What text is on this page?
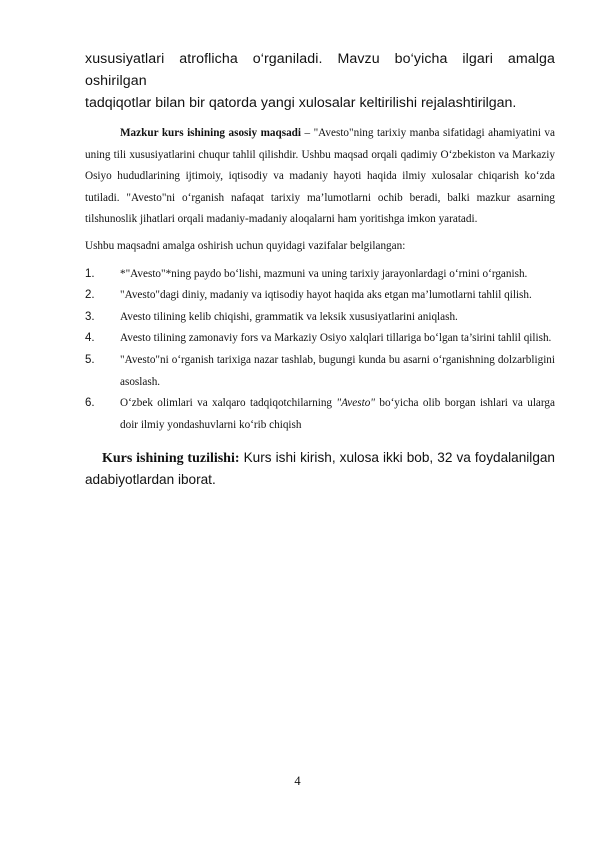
xususiyatlari atroflicha o‘rganiladi. Mavzu bo‘yicha ilgari amalga oshirilgan

tadqiqotlar bilan bir qatorda yangi xulosalar keltirilishi rejalashtirilgan.

Mazkur kurs ishining asosiy maqsadi – "Avesto"ning tarixiy manba sifatidagi ahamiyatini va uning tili xususiyatlarini chuqur tahlil qilishdir. Ushbu maqsad orqali qadimiy O‘zbekiston va Markaziy Osiyo hududlarining ijtimoiy, iqtisodiy va madaniy hayoti haqida ilmiy xulosalar chiqarish ko‘zda tutiladi. "Avesto"ni o‘rganish nafaqat tarixiy ma’lumotlarni ochib beradi, balki mazkur asarning tilshunoslik jihatlari orqali madaniy-madaniy aloqalarni ham yoritishga imkon yaratadi.

Ushbu maqsadni amalga oshirish uchun quyidagi vazifalar belgilangan:

1. *"Avesto"*ning paydo bo‘lishi, mazmuni va uning tarixiy jarayonlardagi o‘rnini o‘rganish.
2. "Avesto"dagi diniy, madaniy va iqtisodiy hayot haqida aks etgan ma’lumotlarni tahlil qilish.
3. Avesto tilining kelib chiqishi, grammatik va leksik xususiyatlarini aniqlash.
4. Avesto tilining zamonaviy fors va Markaziy Osiyo xalqlari tillariga bo‘lgan ta’sirini tahlil qilish.
5. "Avesto"ni o‘rganish tarixiga nazar tashlab, bugungi kunda bu asarni o‘rganishning dolzarbligini asoslash.
6. O‘zbek olimlari va xalqaro tadqiqotchilarning "Avesto" bo‘yicha olib borgan ishlari va ularga doir ilmiy yondashuvlarni ko‘rib chiqish

Kurs ishining tuzilishi: Kurs ishi kirish, xulosa ikki bob, 32 va foydalanilgan adabiyotlardan iborat.

4
